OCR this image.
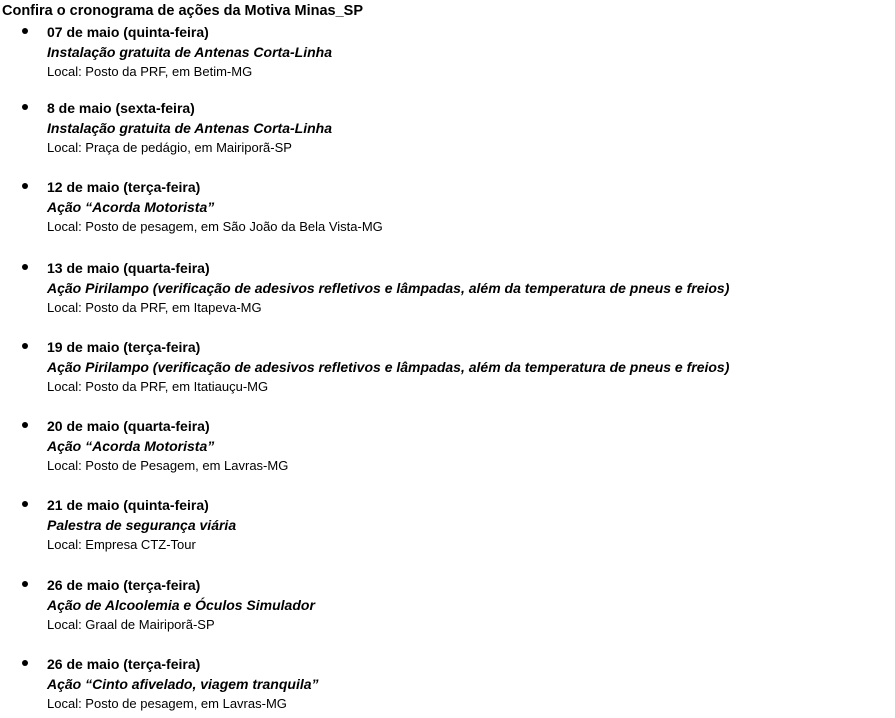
Confira o cronograma de ações da Motiva Minas_SP
07 de maio (quinta-feira)
Instalação gratuita de Antenas Corta-Linha
Local: Posto da PRF, em Betim-MG
8 de maio (sexta-feira)
Instalação gratuita de Antenas Corta-Linha
Local: Praça de pedágio, em Mairiporã-SP
12 de maio (terça-feira)
Ação “Acorda Motorista”
Local: Posto de pesagem, em São João da Bela Vista-MG
13 de maio (quarta-feira)
Ação Pirilampo (verificação de adesivos refletivos e lâmpadas, além da temperatura de pneus e freios)
Local: Posto da PRF, em Itapeva-MG
19 de maio (terça-feira)
Ação Pirilampo (verificação de adesivos refletivos e lâmpadas, além da temperatura de pneus e freios)
Local: Posto da PRF, em Itatiauçu-MG
20 de maio (quarta-feira)
Ação “Acorda Motorista”
Local: Posto de Pesagem, em Lavras-MG
21 de maio (quinta-feira)
Palestra de segurança viária
Local: Empresa CTZ-Tour
26 de maio (terça-feira)
Ação de Alcoolemia e Óculos Simulador
Local: Graal de Mairiporã-SP
26 de maio (terça-feira)
Ação “Cinto afivelado, viagem tranquila”
Local: Posto de pesagem, em Lavras-MG
